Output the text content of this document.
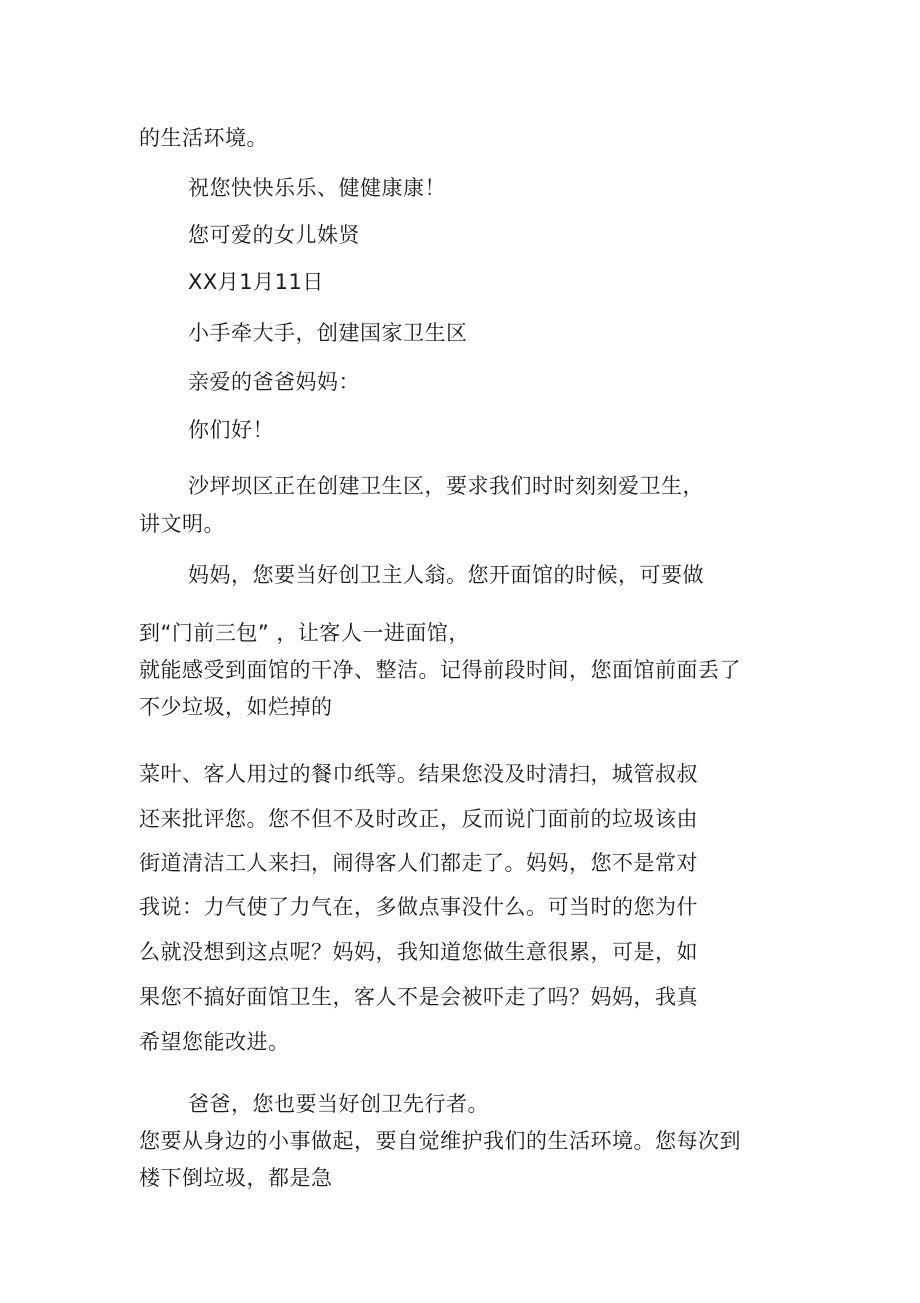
的生活环境。
祝您快快乐乐、健健康康！
您可爱的女儿姝贤
XX月1月11日
小手牵大手，创建国家卫生区
亲爱的爸爸妈妈：
你们好！
沙坪坝区正在创建卫生区，要求我们时时刻刻爱卫生，
讲文明。
妈妈，您要当好创卫主人翁。您开面馆的时候，可要做
到“门前三包” ，让客人一进面馆，
就能感受到面馆的干净、整洁。记得前段时间，您面馆前面丢了
不少垃圾，如烂掉的
菜叶、客人用过的餐巾纸等。结果您没及时清扫，城管叔叔
还来批评您。您不但不及时改正，反而说门面前的垃圾该由
街道清洁工人来扫，闹得客人们都走了。妈妈，您不是常对
我说：力气使了力气在，多做点事没什么。可当时的您为什
么就没想到这点呢？妈妈，我知道您做生意很累，可是，如
果您不搞好面馆卫生，客人不是会被吓走了吗？妈妈，我真
希望您能改进。
爸爸，您也要当好创卫先行者。
您要从身边的小事做起，要自觉维护我们的生活环境。您每次到
楼下倒垃圾，都是急
